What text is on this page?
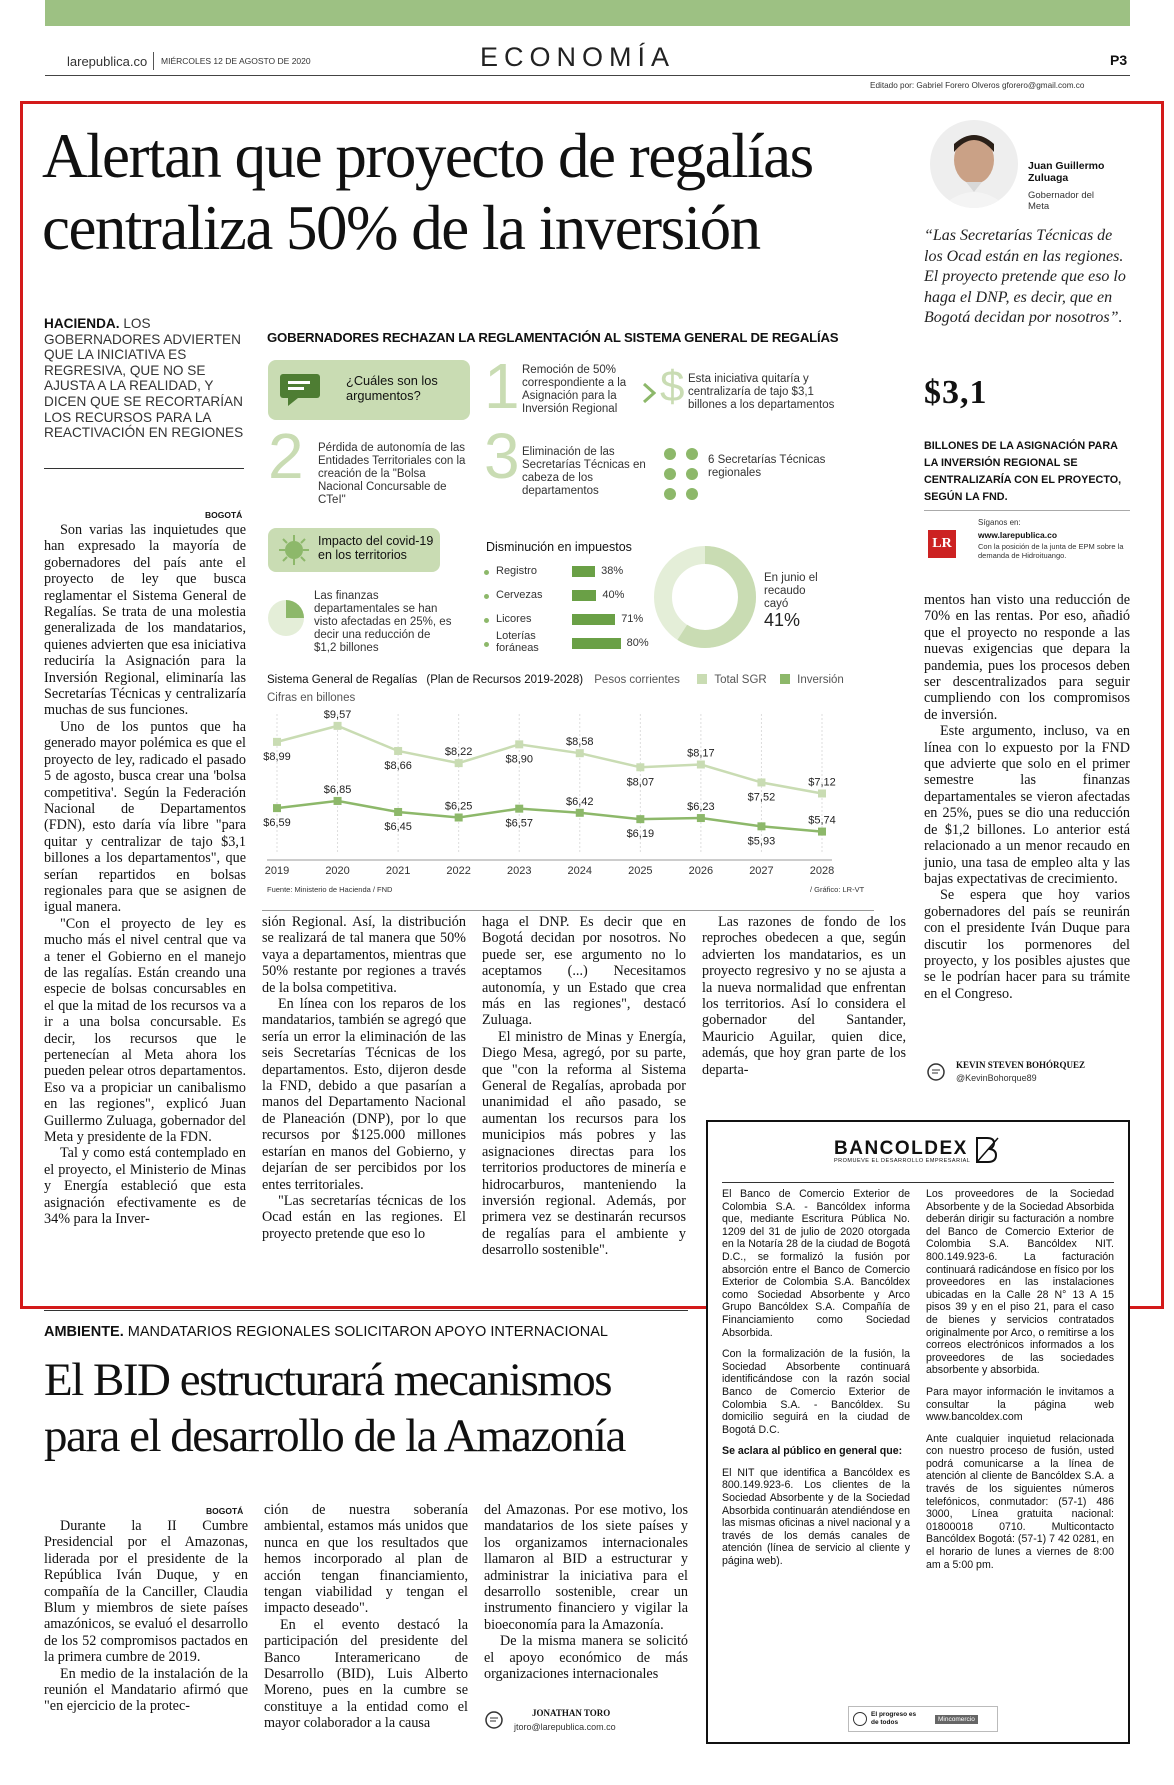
larepublica.co MIÉRCOLES 12 DE AGOSTO DE 2020	ECONOMÍA	P3
Editado por: Gabriel Forero Olveros gforero@gmail.com.co
Alertan que proyecto de regalías
centraliza 50% de la inversión
HACIENDA. LOS GOBERNADORES ADVIERTEN QUE LA INICIATIVA ES REGRESIVA, QUE NO SE AJUSTA A LA REALIDAD, Y DICEN QUE SE RECORTARÍAN LOS RECURSOS PARA LA REACTIVACIÓN EN REGIONES
BOGOTÁ

Son varias las inquietudes que han expresado la mayoría de gobernadores del país ante el proyecto de ley que busca reglamentar el Sistema General de Regalías. Se trata de una molestia generalizada de los mandatarios, quienes advierten que esa iniciativa reduciría la Asignación para la Inversión Regional, eliminaría las Secretarías Técnicas y centralizaría muchas de sus funciones.

Uno de los puntos que ha generado mayor polémica es que el proyecto de ley, radicado el pasado 5 de agosto, busca crear una 'bolsa competitiva'. Según la Federación Nacional de Departamentos (FDN), esto daría vía libre "para quitar y centralizar de tajo $3,1 billones a los departamentos", que serían repartidos en bolsas regionales para que se asignen de igual manera.

"Con el proyecto de ley es mucho más el nivel central que va a tener el Gobierno en el manejo de las regalías. Están creando una especie de bolsas concursables en el que la mitad de los recursos va a ir a una bolsa concursable. Es decir, los recursos que le pertenecían al Meta ahora los pueden pelear otros departamentos. Eso va a propiciar un canibalismo en las regiones", explicó Juan Guillermo Zuluaga, gobernador del Meta y presidente de la FDN.

Tal y como está contemplado en el proyecto, el Ministerio de Minas y Energía estableció que esta asignación efectivamente es de 34% para la Inver-

GOBERNADORES RECHAZAN LA REGLAMENTACIÓN AL SISTEMA GENERAL DE REGALÍAS
¿Cuáles son los argumentos? 1 Remoción de 50% correspondiente a la Asignación para la Inversión Regional $ Esta iniciativa quitaría y centralizaría de tajo $3,1 billones a los departamentos
2 Pérdida de autonomía de las Entidades Territoriales con la creación de la "Bolsa Nacional Concursable de CTeI"
3 Eliminación de las Secretarías Técnicas en cabeza de los departamentos
6 Secretarías Técnicas regionales
Impacto del covid-19 en los territorios
Las finanzas departamentales se han visto afectadas en 25%, es decir una reducción de $1,2 billones
Disminución en impuestos
Registro	38%
Cervezas	40%
Licores	71%
Loterías foráneas	80%
En junio el recaudo cayó
41%
Sistema General de Regalías (Plan de Recursos 2019-2028) Pesos corrientes	Total SGR	Inversión
Cifras en billones
2019	2020	2021	2022	2023	2024	2025	2026	2027	2028
$8,99
$9,57
$8,66
$8,22
$8,90
$8,58
$8,07
$8,17
$7,52
$7,12
$6,59
$6,85
$6,45
$6,25
$6,57
$6,42
$6,19
$6,23
$5,93
$5,74
Fuente: Ministerio de Hacienda / FND	/ Gráfico: LR-VT

sión Regional. Así, la distribución se realizará de tal manera que 50% vaya a departamentos, mientras que 50% restante por regiones a través de la bolsa competitiva.

En línea con los reparos de los mandatarios, también se agregó que sería un error la eliminación de las seis Secretarías Técnicas de los departamentos. Esto, dijeron desde la FND, debido a que pasarían a manos del Departamento Nacional de Planeación (DNP), por lo que recursos por $125.000 millones estarían en manos del Gobierno, y dejarían de ser percibidos por los entes territoriales.

"Las secretarías técnicas de los Ocad están en las regiones. El proyecto pretende que eso lo

haga el DNP. Es decir que en Bogotá decidan por nosotros. No puede ser, ese argumento no lo aceptamos (...) Necesitamos autonomía, y un Estado que crea más en las regiones", destacó Zuluaga.

El ministro de Minas y Energía, Diego Mesa, agregó, por su parte, que "con la reforma al Sistema General de Regalías, aprobada por unanimidad el año pasado, se aumentan los recursos para los municipios más pobres y las asignaciones directas para los territorios productores de minería e hidrocarburos, manteniendo la inversión regional. Además, por primera vez se destinarán recursos de regalías para el ambiente y desarrollo sostenible".

Las razones de fondo de los reproches obedecen a que, según advierten los mandatarios, es un proyecto regresivo y no se ajusta a la nueva normalidad que enfrentan los territorios. Así lo considera el gobernador del Santander, Mauricio Aguilar, quien dice, además, que hoy gran parte de los departa-

Juan Guillermo Zuluaga
Gobernador del Meta
“Las Secretarías Técnicas de los Ocad están en las regiones. El proyecto pretende que eso lo haga el DNP, es decir, que en Bogotá decidan por nosotros”.
$3,1
BILLONES DE LA ASIGNACIÓN PARA LA INVERSIÓN REGIONAL SE CENTRALIZARÍA CON EL PROYECTO, SEGÚN LA FND.
LR
Síganos en:
www.larepublica.co
Con la posición de la junta de EPM sobre la demanda de Hidroituango.

mentos han visto una reducción de 70% en las rentas. Por eso, añadió que el proyecto no responde a las nuevas exigencias que depara la pandemia, pues los procesos deben ser descentralizados para seguir cumpliendo con los compromisos de inversión.

Este argumento, incluso, va en línea con lo expuesto por la FND que advierte que solo en el primer semestre las finanzas departamentales se vieron afectadas en 25%, pues se dio una reducción de $1,2 billones. Lo anterior está relacionado a un menor recaudo en junio, una tasa de empleo alta y las bajas expectativas de crecimiento.

Se espera que hoy varios gobernadores del país se reunirán con el presidente Iván Duque para discutir los pormenores del proyecto, y los posibles ajustes que se le podrían hacer para su trámite en el Congreso.

KEVIN STEVEN BOHÓRQUEZ
@KevinBohorque89
AMBIENTE. MANDATARIOS REGIONALES SOLICITARON APOYO INTERNACIONAL
El BID estructurará mecanismos
para el desarrollo de la Amazonía
BOGOTÁ

Durante la II Cumbre Presidencial por el Amazonas, liderada por el presidente de la República Iván Duque, y en compañía de la Canciller, Claudia Blum y miembros de siete países amazónicos, se evaluó el desarrollo de los 52 compromisos pactados en la primera cumbre de 2019.

En medio de la instalación de la reunión el Mandatario afirmó que "en ejercicio de la protec-

ción de nuestra soberanía ambiental, estamos más unidos que nunca en que los resultados que hemos incorporado al plan de acción tengan financiamiento, tengan viabilidad y tengan el impacto deseado".

En el evento destacó la participación del presidente del Banco Interamericano de Desarrollo (BID), Luis Alberto Moreno, pues en la cumbre se constituye a la entidad como el mayor colaborador a la causa

del Amazonas. Por ese motivo, los mandatarios de los siete países y los organizamos internacionales llamaron al BID a estructurar y administrar la iniciativa para el desarrollo sostenible, crear un instrumento financiero y vigilar la bioeconomía para la Amazonía.

De la misma manera se solicitó el apoyo económico de más organizaciones internacionales

JONATHAN TORO
jtoro@larepublica.com.co
BANCOLDEX
PROMUEVE EL DESARROLLO EMPRESARIAL

El Banco de Comercio Exterior de Colombia S.A. - Bancóldex informa que, mediante Escritura Pública No. 1209 del 31 de julio de 2020 otorgada en la Notaría 28 de la ciudad de Bogotá D.C., se formalizó la fusión por absorción entre el Banco de Comercio Exterior de Colombia S.A. Bancóldex como Sociedad Absorbente y Arco Grupo Bancóldex S.A. Compañía de Financiamiento como Sociedad Absorbida.

Con la formalización de la fusión, la Sociedad Absorbente continuará identificándose con la razón social Banco de Comercio Exterior de Colombia S.A. - Bancóldex. Su domicilio seguirá en la ciudad de Bogotá D.C.

Se aclara al público en general que:

El NIT que identifica a Bancóldex es 800.149.923-6. Los clientes de la Sociedad Absorbente y de la Sociedad Absorbida continuarán atendiéndose en las mismas oficinas a nivel nacional y a través de los demás canales de atención (línea de servicio al cliente y página web).

Los proveedores de la Sociedad Absorbente y de la Sociedad Absorbida deberán dirigir su facturación a nombre del Banco de Comercio Exterior de Colombia S.A. Bancóldex NIT. 800.149.923-6. La facturación continuará radicándose en físico por los proveedores en las instalaciones ubicadas en la Calle 28 N° 13 A 15 pisos 39 y en el piso 21, para el caso de bienes y servicios contratados originalmente por Arco, o remitirse a los correos electrónicos informados a los proveedores de las sociedades absorbente y absorbida.

Para mayor información le invitamos a consultar la página web www.bancoldex.com

Ante cualquier inquietud relacionada con nuestro proceso de fusión, usted podrá comunicarse a la línea de atención al cliente de Bancóldex S.A. a través de los siguientes números telefónicos, conmutador: (57-1) 486 3000, Línea gratuita nacional: 01800018 0710. Multicontacto Bancóldex Bogotá: (57-1) 7 42 0281, en el horario de lunes a viernes de 8:00 am a 5:00 pm.

El progreso es de todos	Mincomercio
